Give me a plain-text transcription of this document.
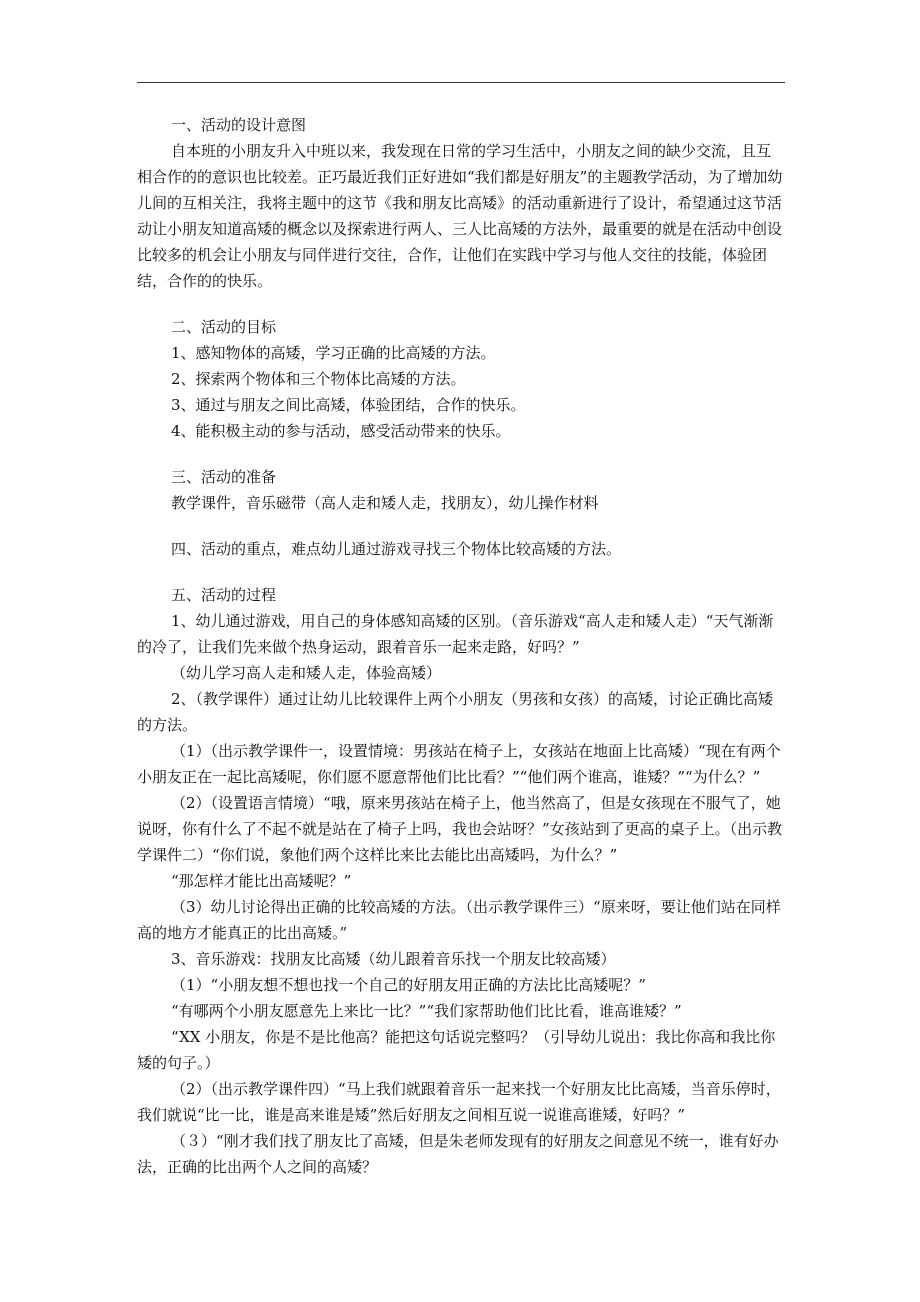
一、活动的设计意图

自本班的小朋友升入中班以来，我发现在日常的学习生活中，小朋友之间的缺少交流，且互相合作的的意识也比较差。正巧最近我们正好进如“我们都是好朋友”的主题教学活动，为了增加幼儿间的互相关注，我将主题中的这节《我和朋友比高矮》的活动重新进行了设计，希望通过这节活动让小朋友知道高矮的概念以及探索进行两人、三人比高矮的方法外，最重要的就是在活动中创设比较多的机会让小朋友与同伴进行交往，合作，让他们在实践中学习与他人交往的技能，体验团结，合作的的快乐。

二、活动的目标

1、感知物体的高矮，学习正确的比高矮的方法。

2、探索两个物体和三个物体比高矮的方法。

3、通过与朋友之间比高矮，体验团结，合作的快乐。

4、能积极主动的参与活动，感受活动带来的快乐。

三、活动的准备

教学课件，音乐磁带（高人走和矮人走，找朋友），幼儿操作材料

四、活动的重点，难点幼儿通过游戏寻找三个物体比较高矮的方法。

五、活动的过程

1、幼儿通过游戏，用自己的身体感知高矮的区别。（音乐游戏“高人走和矮人走）“天气渐渐的冷了，让我们先来做个热身运动，跟着音乐一起来走路，好吗？”

（幼儿学习高人走和矮人走，体验高矮）

2、（教学课件）通过让幼儿比较课件上两个小朋友（男孩和女孩）的高矮，讨论正确比高矮的方法。

（1）（出示教学课件一，设置情境：男孩站在椅子上，女孩站在地面上比高矮）“现在有两个小朋友正在一起比高矮呢，你们愿不愿意帮他们比比看？”“他们两个谁高，谁矮？”“为什么？”

（2）（设置语言情境）“哦，原来男孩站在椅子上，他当然高了，但是女孩现在不服气了，她说呀，你有什么了不起不就是站在了椅子上吗，我也会站呀？”女孩站到了更高的桌子上。（出示教学课件二）“你们说，象他们两个这样比来比去能比出高矮吗，为什么？”

“那怎样才能比出高矮呢？”

（3）幼儿讨论得出正确的比较高矮的方法。（出示教学课件三）“原来呀，要让他们站在同样高的地方才能真正的比出高矮。”

3、音乐游戏：找朋友比高矮（幼儿跟着音乐找一个朋友比较高矮）

（1）“小朋友想不想也找一个自己的好朋友用正确的方法比比高矮呢？”

“有哪两个小朋友愿意先上来比一比？”“我们家帮助他们比比看，谁高谁矮？”

“XX 小朋友，你是不是比他高？能把这句话说完整吗？（引导幼儿说出：我比你高和我比你矮的句子。）

（2）（出示教学课件四）“马上我们就跟着音乐一起来找一个好朋友比比高矮，当音乐停时，我们就说“比一比，谁是高来谁是矮”然后好朋友之间相互说一说谁高谁矮，好吗？”

（３）“刚才我们找了朋友比了高矮，但是朱老师发现有的好朋友之间意见不统一，谁有好办法，正确的比出两个人之间的高矮？
